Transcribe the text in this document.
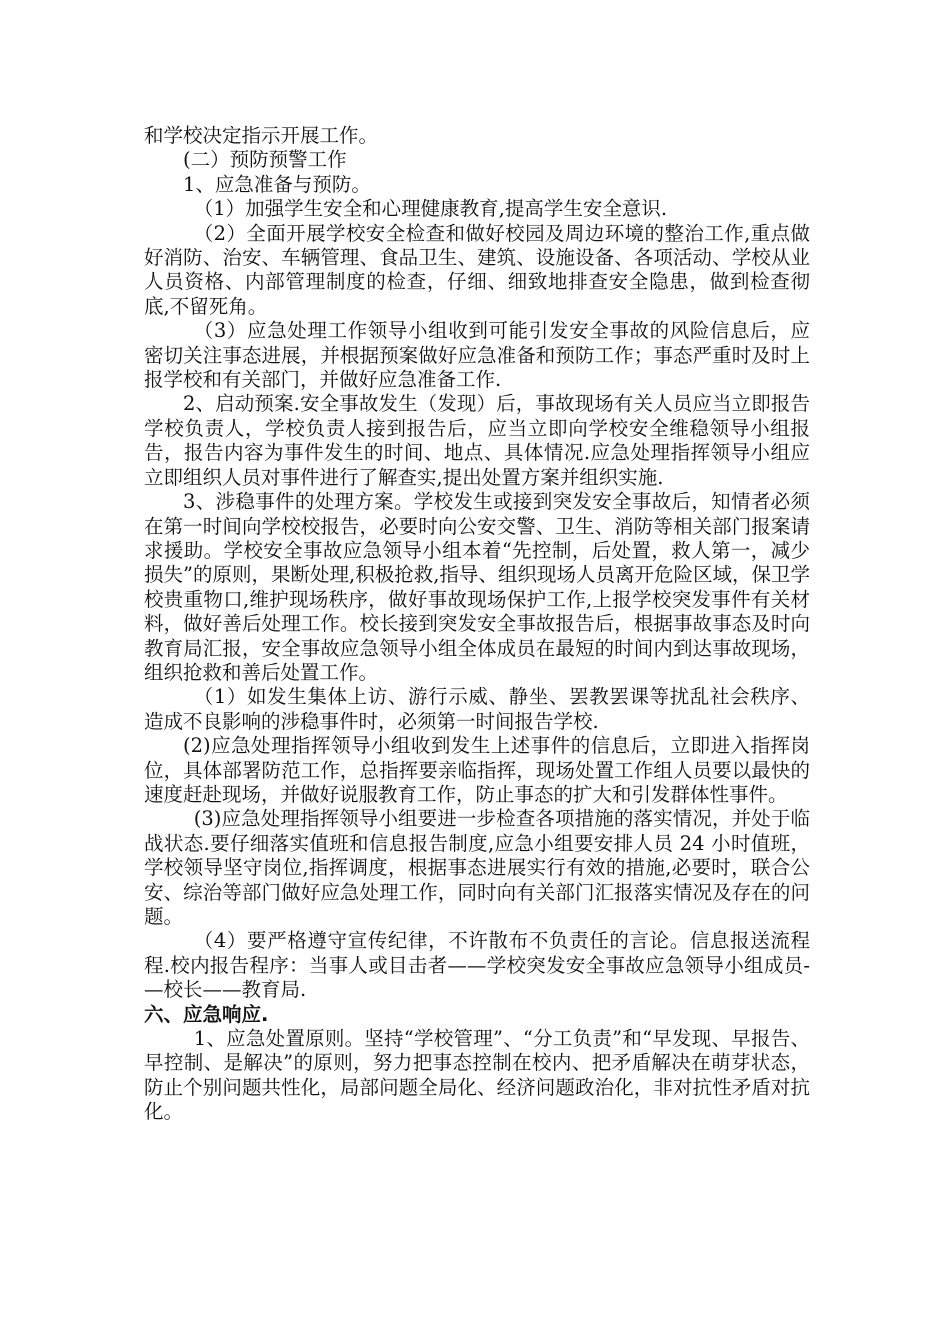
和学校决定指示开展工作。

(二）预防预警工作

1、应急准备与预防。

（1）加强学生安全和心理健康教育,提高学生安全意识.

（2）全面开展学校安全检查和做好校园及周边环境的整治工作,重点做好消防、治安、车辆管理、食品卫生、建筑、设施设备、各项活动、学校从业人员资格、内部管理制度的检查，仔细、细致地排查安全隐患，做到检查彻底,不留死角。

（3）应急处理工作领导小组收到可能引发安全事故的风险信息后，应密切关注事态进展，并根据预案做好应急准备和预防工作；事态严重时及时上报学校和有关部门，并做好应急准备工作.

2、启动预案.安全事故发生（发现）后，事故现场有关人员应当立即报告学校负责人，学校负责人接到报告后，应当立即向学校安全维稳领导小组报告，报告内容为事件发生的时间、地点、具体情况.应急处理指挥领导小组应立即组织人员对事件进行了解查实,提出处置方案并组织实施.

3、涉稳事件的处理方案。学校发生或接到突发安全事故后，知情者必须在第一时间向学校校报告，必要时向公安交警、卫生、消防等相关部门报案请求援助。学校安全事故应急领导小组本着“先控制，后处置，救人第一，减少损失”的原则，果断处理,积极抢救,指导、组织现场人员离开危险区域，保卫学校贵重物口,维护现场秩序，做好事故现场保护工作,上报学校突发事件有关材料，做好善后处理工作。校长接到突发安全事故报告后，根据事故事态及时向教育局汇报，安全事故应急领导小组全体成员在最短的时间内到达事故现场，组织抢救和善后处置工作。

（1）如发生集体上访、游行示威、静坐、罢教罢课等扰乱社会秩序、造成不良影响的涉稳事件时，必须第一时间报告学校.

(2)应急处理指挥领导小组收到发生上述事件的信息后，立即进入指挥岗位，具体部署防范工作，总指挥要亲临指挥，现场处置工作组人员要以最快的速度赶赴现场，并做好说服教育工作，防止事态的扩大和引发群体性事件。

(3)应急处理指挥领导小组要进一步检查各项措施的落实情况，并处于临战状态.要仔细落实值班和信息报告制度,应急小组要安排人员 24 小时值班，学校领导坚守岗位,指挥调度，根据事态进展实行有效的措施,必要时，联合公安、综治等部门做好应急处理工作，同时向有关部门汇报落实情况及存在的问题。

（4）要严格遵守宣传纪律，不许散布不负责任的言论。信息报送流程程.校内报告程序：当事人或目击者——学校突发安全事故应急领导小组成员-—校长——教育局.

六、应急响应.

1、应急处置原则。坚持“学校管理”、“分工负责”和“早发现、早报告、早控制、是解决”的原则，努力把事态控制在校内、把矛盾解决在萌芽状态，防止个别问题共性化，局部问题全局化、经济问题政治化，非对抗性矛盾对抗化。
